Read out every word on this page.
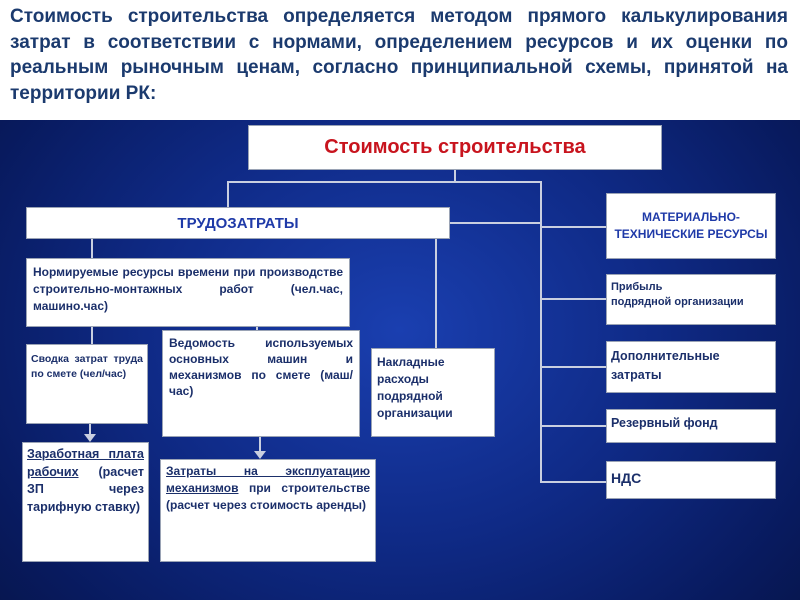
Стоимость строительства определяется методом прямого калькулирования затрат в соответствии с нормами, определением ресурсов и их оценки по реальным рыночным ценам, согласно принципиальной схемы, принятой на территории РК:

Стоимость строительства
ТРУДОЗАТРАТЫ	МАТЕРИАЛЬНО-ТЕХНИЧЕСКИЕ РЕСУРСЫ
Прибыль
подрядной организации
Дополнительные затраты
Резервный фонд
НДС
Нормируемые ресурсы времени при производстве строительно-монтажных работ (чел.час, машино.час)
Сводка затрат труда по смете (чел/час)
Ведомость используемых основных машин и механизмов по смете (маш/час)
Накладные расходы подрядной организации
Заработная плата рабочих (расчет ЗП через тарифную ставку)
Затраты на эксплуатацию механизмов при строительстве (расчет через стоимость аренды)
